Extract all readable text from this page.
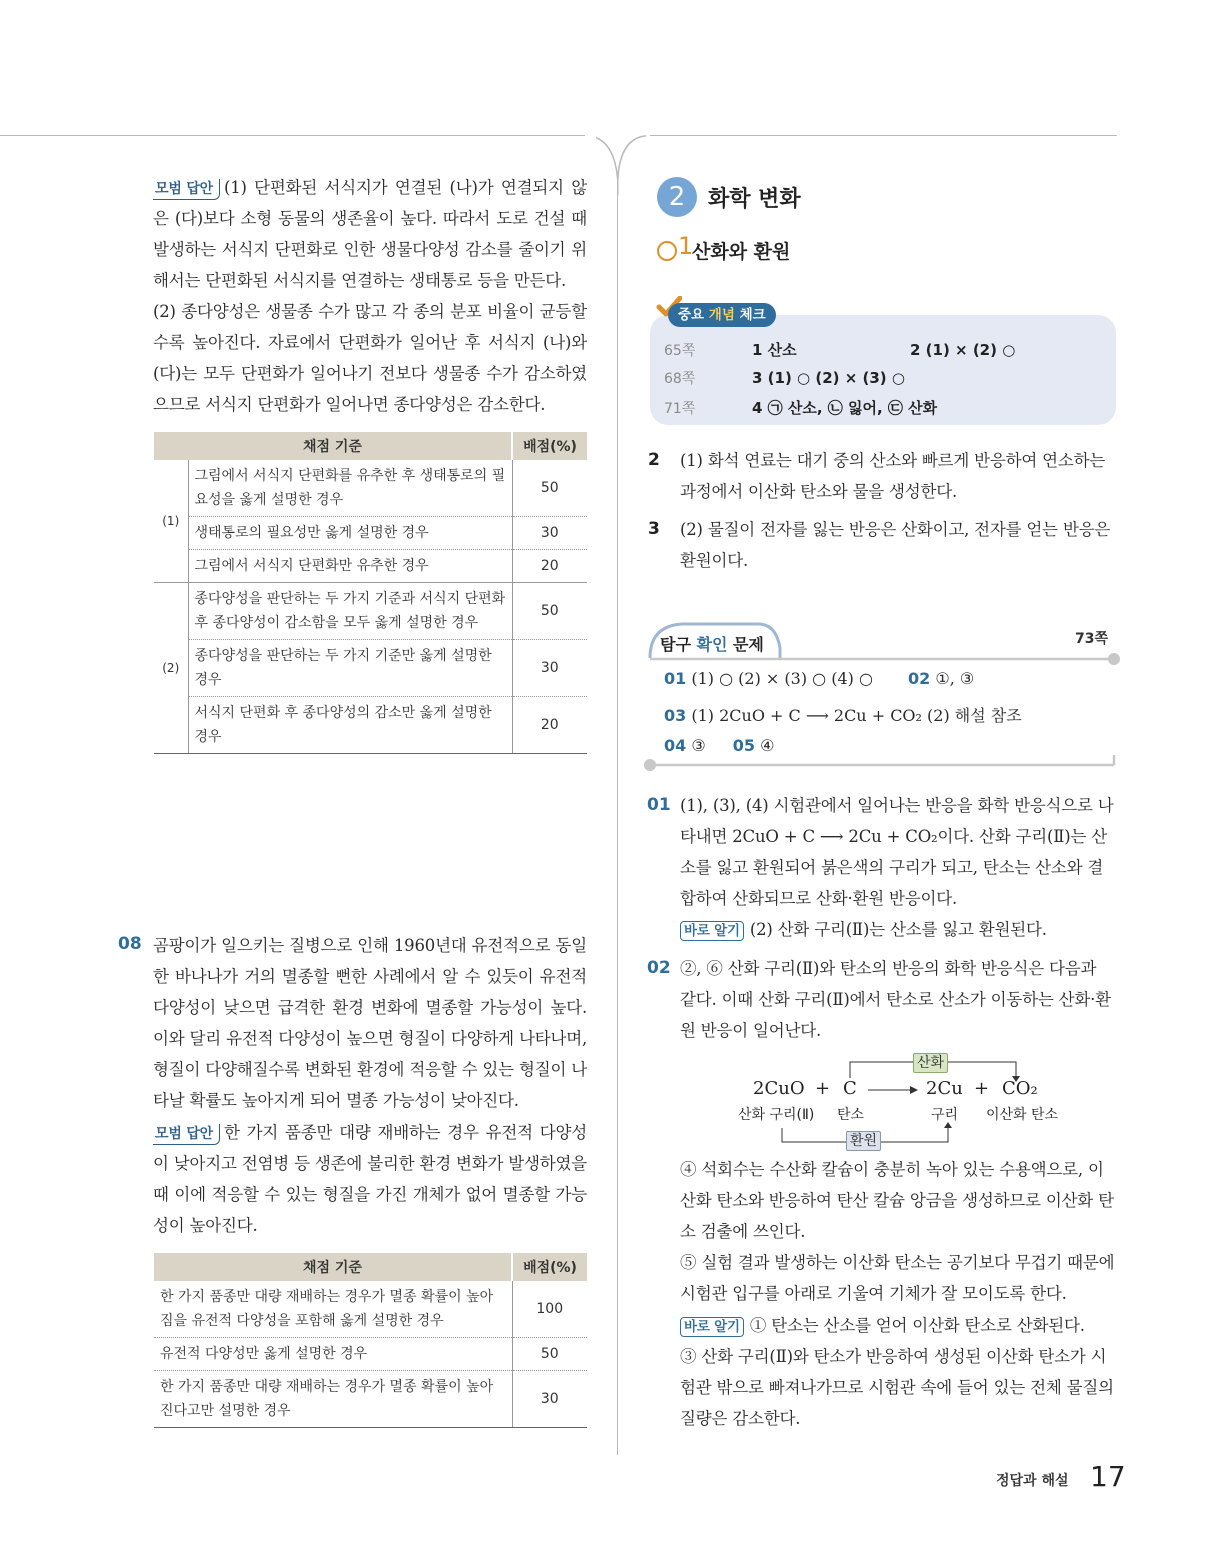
모범 답안 (1) 단편화된 서식지가 연결된 (나)가 연결되지 않은 (다)보다 소형 동물의 생존율이 높다. 따라서 도로 건설 때 발생하는 서식지 단편화로 인한 생물다양성 감소를 줄이기 위해서는 단편화된 서식지를 연결하는 생태통로 등을 만든다.
(2) 종다양성은 생물종 수가 많고 각 종의 분포 비율이 균등할수록 높아진다. 자료에서 단편화가 일어난 후 서식지 (나)와 (다)는 모두 단편화가 일어나기 전보다 생물종 수가 감소하였으므로 서식지 단편화가 일어나면 종다양성은 감소한다.
채점 기준		배점(%)
(1)	그림에서 서식지 단편화를 유추한 후 생태통로의 필요성을 옳게 설명한 경우	50
	생태통로의 필요성만 옳게 설명한 경우	30
	그림에서 서식지 단편화만 유추한 경우	20
(2)	종다양성을 판단하는 두 가지 기준과 서식지 단편화 후 종다양성이 감소함을 모두 옳게 설명한 경우	50
	종다양성을 판단하는 두 가지 기준만 옳게 설명한 경우	30
	서식지 단편화 후 종다양성의 감소만 옳게 설명한 경우	20
08 곰팡이가 일으키는 질병으로 인해 1960년대 유전적으로 동일한 바나나가 거의 멸종할 뻔한 사례에서 알 수 있듯이 유전적 다양성이 낮으면 급격한 환경 변화에 멸종할 가능성이 높다. 이와 달리 유전적 다양성이 높으면 형질이 다양하게 나타나며, 형질이 다양해질수록 변화된 환경에 적응할 수 있는 형질이 나타날 확률도 높아지게 되어 멸종 가능성이 낮아진다.
모범 답안 한 가지 품종만 대량 재배하는 경우 유전적 다양성이 낮아지고 전염병 등 생존에 불리한 환경 변화가 발생하였을 때 이에 적응할 수 있는 형질을 가진 개체가 없어 멸종할 가능성이 높아진다.
채점 기준	배점(%)
한 가지 품종만 대량 재배하는 경우가 멸종 확률이 높아짐을 유전적 다양성을 포함해 옳게 설명한 경우	100
유전적 다양성만 옳게 설명한 경우	50
한 가지 품종만 대량 재배하는 경우가 멸종 확률이 높아진다고만 설명한 경우	30
2	화학 변화
1
산화와 환원
중요 개념 체크
65쪽	1 산소	2 (1) × (2) ○
68쪽	3 (1) ○ (2) × (3) ○
71쪽	4 ㉠ 산소, ㉡ 잃어, ㉢ 산화
2 (1) 화석 연료는 대기 중의 산소와 빠르게 반응하여 연소하는 과정에서 이산화 탄소와 물을 생성한다.
3 (2) 물질이 전자를 잃는 반응은 산화이고, 전자를 얻는 반응은 환원이다.
탐구 확인 문제	73쪽
01 (1) ○ (2) × (3) ○ (4) ○ 02 ①, ③
03 (1) 2CuO + C ⟶ 2Cu + CO₂ (2) 해설 참조
04 ③ 05 ④
01 (1), (3), (4) 시험관에서 일어나는 반응을 화학 반응식으로 나타내면 2CuO + C ⟶ 2Cu + CO₂이다. 산화 구리(Ⅱ)는 산소를 잃고 환원되어 붉은색의 구리가 되고, 탄소는 산소와 결합하여 산화되므로 산화·환원 반응이다.
바로 알기 (2) 산화 구리(Ⅱ)는 산소를 잃고 환원된다.
02 ②, ⑥ 산화 구리(Ⅱ)와 탄소의 반응의 화학 반응식은 다음과 같다. 이때 산화 구리(Ⅱ)에서 탄소로 산소가 이동하는 산화·환원 반응이 일어난다.
산화
환원
2CuO + C	2Cu + CO₂
산화 구리(Ⅱ) 탄소	구리 이산화 탄소
④ 석회수는 수산화 칼슘이 충분히 녹아 있는 수용액으로, 이산화 탄소와 반응하여 탄산 칼슘 앙금을 생성하므로 이산화 탄소 검출에 쓰인다.
⑤ 실험 결과 발생하는 이산화 탄소는 공기보다 무겁기 때문에 시험관 입구를 아래로 기울여 기체가 잘 모이도록 한다.
바로 알기 ① 탄소는 산소를 얻어 이산화 탄소로 산화된다.
③ 산화 구리(Ⅱ)와 탄소가 반응하여 생성된 이산화 탄소가 시험관 밖으로 빠져나가므로 시험관 속에 들어 있는 전체 물질의 질량은 감소한다.
정답과 해설 17
